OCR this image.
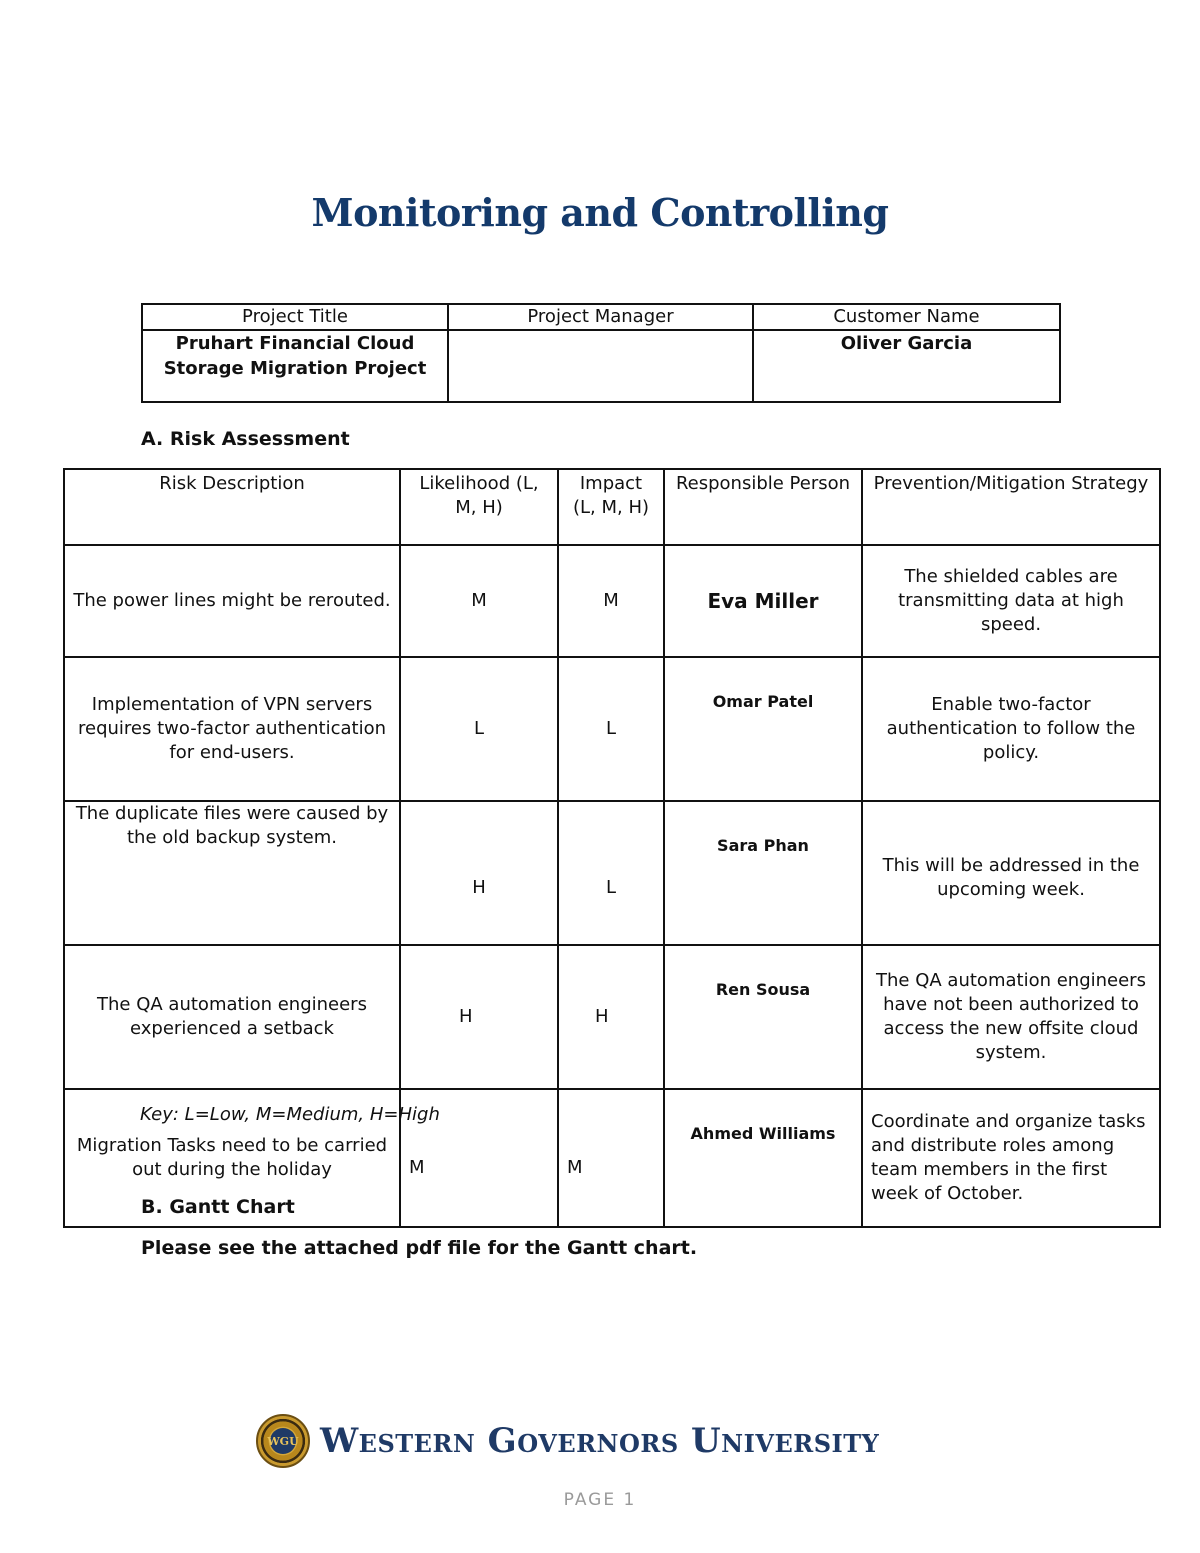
Monitoring and Controlling
Project Title	Project Manager	Customer Name
Pruhart Financial Cloud Storage Migration Project		Oliver Garcia
A. Risk Assessment
Risk Description	Likelihood (L, M, H)	Impact (L, M, H)	Responsible Person	Prevention/Mitigation Strategy
The power lines might be rerouted.	M	M	Eva Miller	The shielded cables are transmitting data at high speed.
Implementation of VPN servers requires two-factor authentication for end-users.	L	L	Omar Patel	Enable two-factor authentication to follow the policy.
The duplicate files were caused by the old backup system.	H	L	Sara Phan	This will be addressed in the upcoming week.
The QA automation engineers experienced a setback	H	H	Ren Sousa	The QA automation engineers have not been authorized to access the new offsite cloud system.
Migration Tasks need to be carried out during the holiday	M	M	Ahmed Williams	Coordinate and organize tasks and distribute roles among team members in the first week of October.
Key: L=Low, M=Medium, H=High
B. Gantt Chart
Please see the attached pdf file for the Gantt chart.
WGU Western Governors University
PAGE 1
